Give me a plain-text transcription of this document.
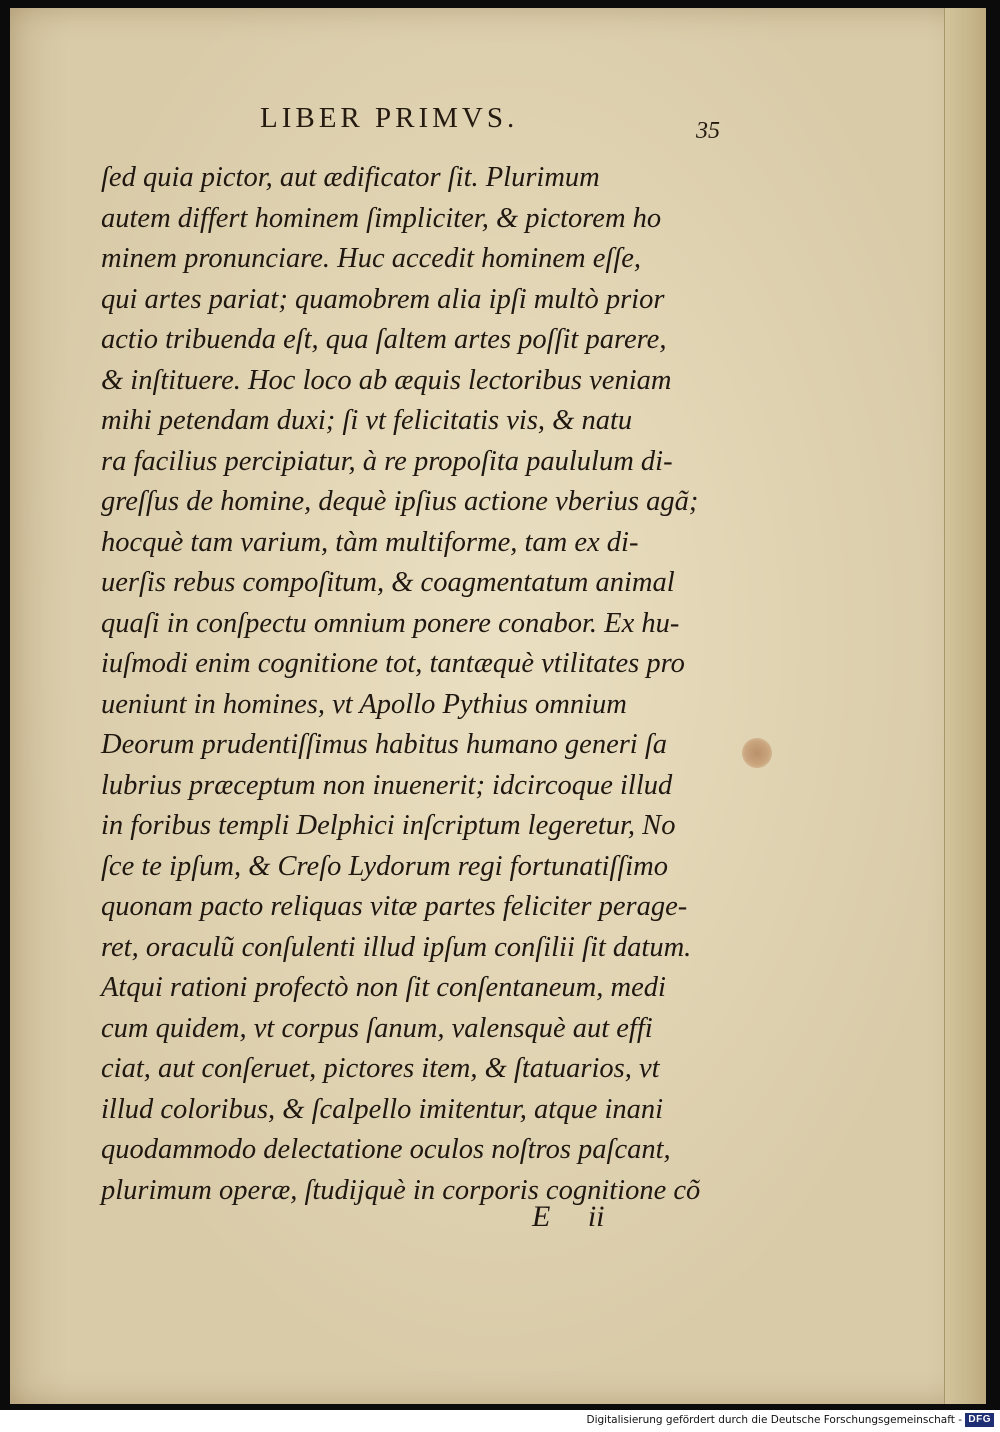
LIBER PRIMVS.	35
ſed quia pictor, aut ædificator ſit. Plurimum
autem differt hominem ſimpliciter, & pictorem ho
minem pronunciare. Huc accedit hominem eſſe,
qui artes pariat; quamobrem alia ipſi multò prior
actio tribuenda eſt, qua ſaltem artes poſſit parere,
& inſtituere. Hoc loco ab æquis lectoribus veniam
mihi petendam duxi; ſi vt felicitatis vis, & natu
ra facilius percipiatur, à re propoſita paululum di-
greſſus de homine, dequè ipſius actione vberius agã;
hocquè tam varium, tàm multiforme, tam ex di-
uerſis rebus compoſitum, & coagmentatum animal
quaſi in conſpectu omnium ponere conabor. Ex hu-
iuſmodi enim cognitione tot, tantæquè vtilitates pro
ueniunt in homines, vt Apollo Pythius omnium
Deorum prudentiſſimus habitus humano generi ſa
lubrius præceptum non inuenerit; idcircoque illud
in foribus templi Delphici inſcriptum legeretur, No
ſce te ipſum, & Creſo Lydorum regi fortunatiſſimo
quonam pacto reliquas vitæ partes feliciter perage-
ret, oraculũ conſulenti illud ipſum conſilii ſit datum.
Atqui rationi profectò non ſit conſentaneum, medi
cum quidem, vt corpus ſanum, valensquè aut effi
ciat, aut conſeruet, pictores item, & ſtatuarios, vt
illud coloribus, & ſcalpello imitentur, atque inani
quodammodo delectatione oculos noſtros paſcant,
plurimum operæ, ſtudijquè in corporis cognitione cõ
E ii
Digitalisierung gefördert durch die Deutsche Forschungsgemeinschaft - DFG
